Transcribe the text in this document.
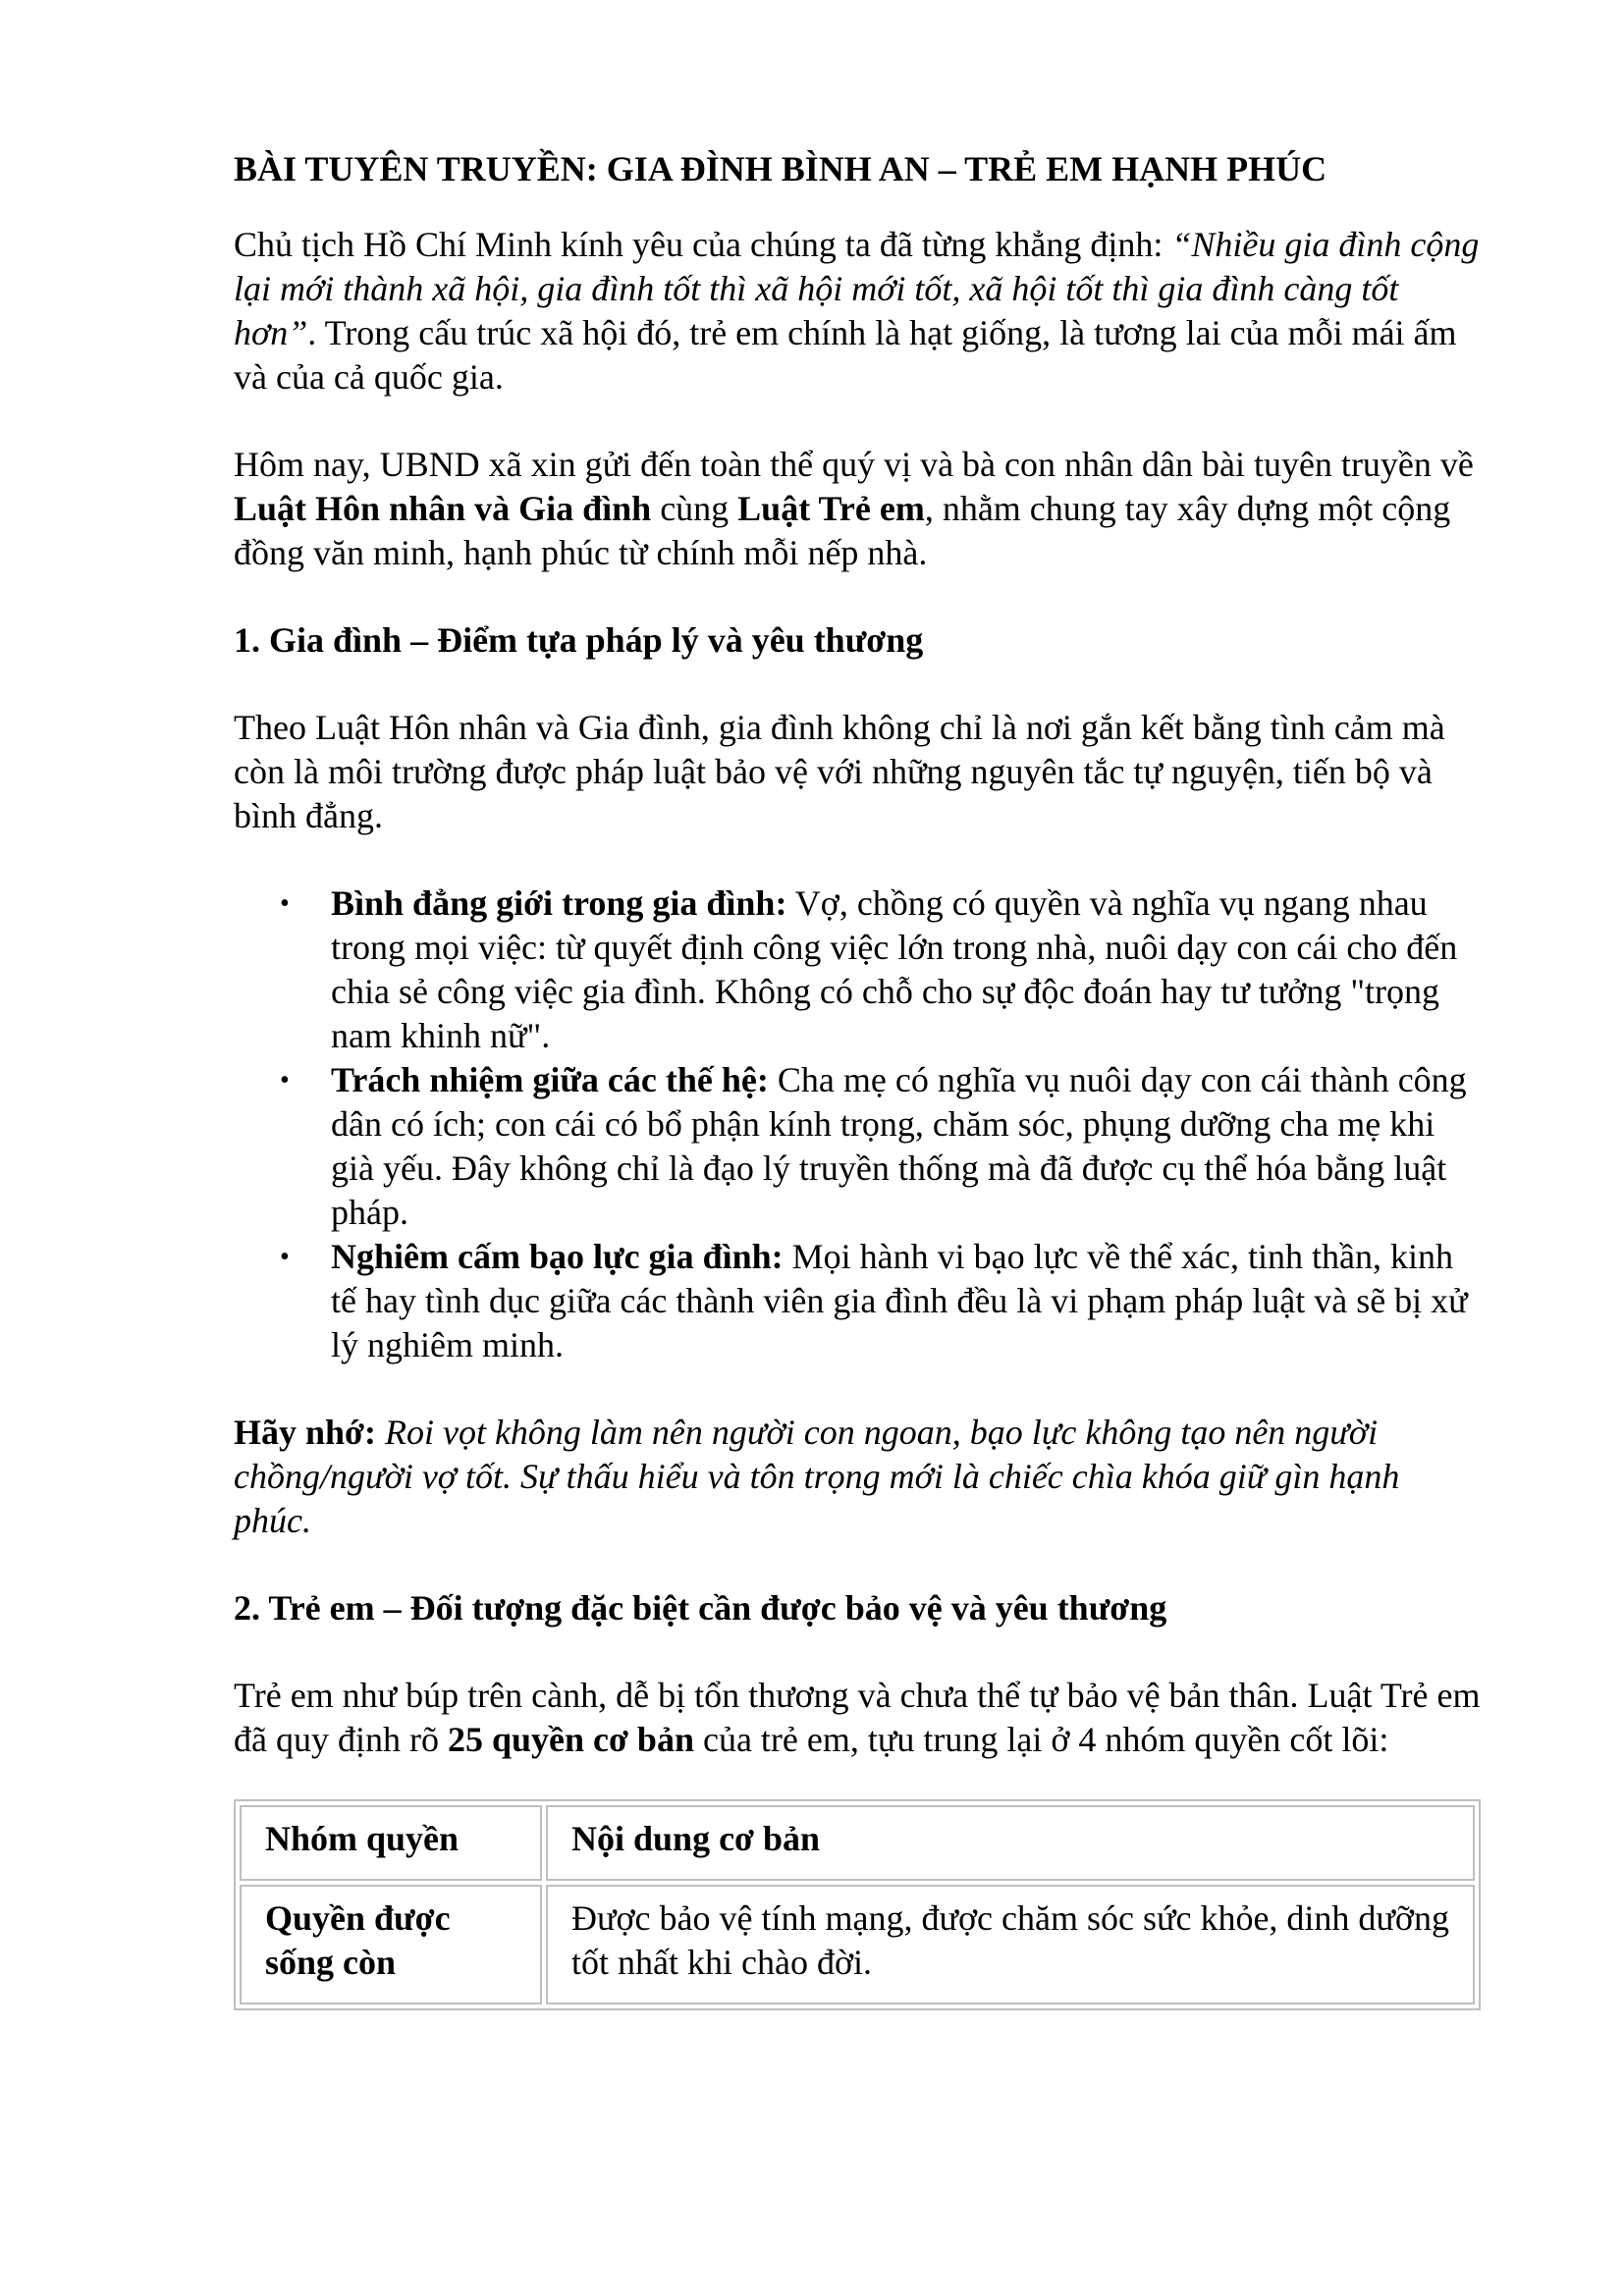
BÀI TUYÊN TRUYỀN: GIA ĐÌNH BÌNH AN – TRẺ EM HẠNH PHÚC

Chủ tịch Hồ Chí Minh kính yêu của chúng ta đã từng khẳng định: “Nhiều gia đình cộng lại mới thành xã hội, gia đình tốt thì xã hội mới tốt, xã hội tốt thì gia đình càng tốt hơn”. Trong cấu trúc xã hội đó, trẻ em chính là hạt giống, là tương lai của mỗi mái ấm và của cả quốc gia.

Hôm nay, UBND xã xin gửi đến toàn thể quý vị và bà con nhân dân bài tuyên truyền về Luật Hôn nhân và Gia đình cùng Luật Trẻ em, nhằm chung tay xây dựng một cộng đồng văn minh, hạnh phúc từ chính mỗi nếp nhà.

1. Gia đình – Điểm tựa pháp lý và yêu thương

Theo Luật Hôn nhân và Gia đình, gia đình không chỉ là nơi gắn kết bằng tình cảm mà còn là môi trường được pháp luật bảo vệ với những nguyên tắc tự nguyện, tiến bộ và bình đẳng.

• Bình đẳng giới trong gia đình: Vợ, chồng có quyền và nghĩa vụ ngang nhau trong mọi việc: từ quyết định công việc lớn trong nhà, nuôi dạy con cái cho đến chia sẻ công việc gia đình. Không có chỗ cho sự độc đoán hay tư tưởng "trọng nam khinh nữ".
• Trách nhiệm giữa các thế hệ: Cha mẹ có nghĩa vụ nuôi dạy con cái thành công dân có ích; con cái có bổ phận kính trọng, chăm sóc, phụng dưỡng cha mẹ khi già yếu. Đây không chỉ là đạo lý truyền thống mà đã được cụ thể hóa bằng luật pháp.
• Nghiêm cấm bạo lực gia đình: Mọi hành vi bạo lực về thể xác, tinh thần, kinh tế hay tình dục giữa các thành viên gia đình đều là vi phạm pháp luật và sẽ bị xử lý nghiêm minh.

Hãy nhớ: Roi vọt không làm nên người con ngoan, bạo lực không tạo nên người chồng/người vợ tốt. Sự thấu hiểu và tôn trọng mới là chiếc chìa khóa giữ gìn hạnh phúc.

2. Trẻ em – Đối tượng đặc biệt cần được bảo vệ và yêu thương

Trẻ em như búp trên cành, dễ bị tổn thương và chưa thể tự bảo vệ bản thân. Luật Trẻ em đã quy định rõ 25 quyền cơ bản của trẻ em, tựu trung lại ở 4 nhóm quyền cốt lõi:

Nhóm quyền	Nội dung cơ bản
Quyền được sống còn	Được bảo vệ tính mạng, được chăm sóc sức khỏe, dinh dưỡng tốt nhất khi chào đời.
